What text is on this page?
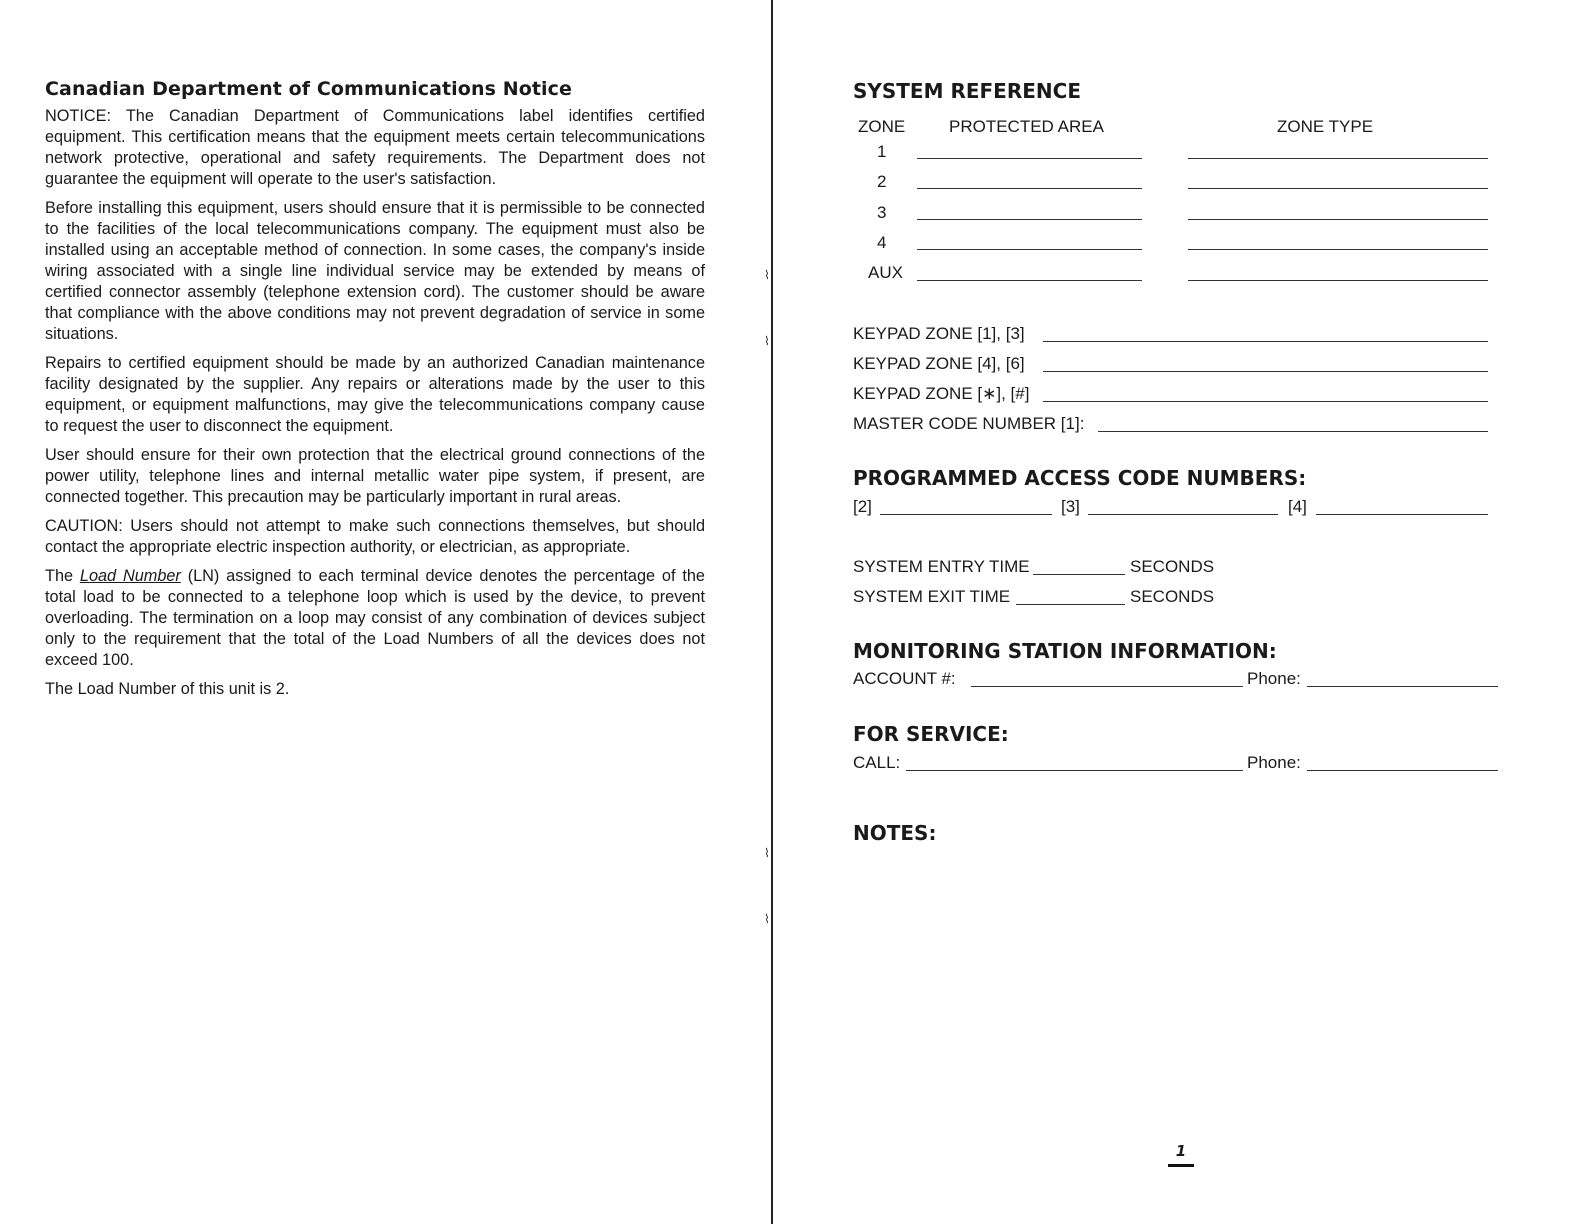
Canadian Department of Communications Notice

NOTICE: The Canadian Department of Communications label identifies certified equipment. This certification means that the equipment meets certain telecommunications network protective, operational and safety requirements. The Department does not guarantee the equipment will operate to the user's satisfaction.

Before installing this equipment, users should ensure that it is permissible to be connected to the facilities of the local telecommunications company. The equipment must also be installed using an acceptable method of connection. In some cases, the company's inside wiring associated with a single line individual service may be extended by means of certified connector assembly (telephone extension cord). The customer should be aware that compliance with the above conditions may not prevent degradation of service in some situations.

Repairs to certified equipment should be made by an authorized Canadian maintenance facility designated by the supplier. Any repairs or alterations made by the user to this equipment, or equipment malfunctions, may give the telecommunications company cause to request the user to disconnect the equipment.

User should ensure for their own protection that the electrical ground connections of the power utility, telephone lines and internal metallic water pipe system, if present, are connected together. This precaution may be particularly important in rural areas.

CAUTION: Users should not attempt to make such connections themselves, but should contact the appropriate electric inspection authority, or electrician, as appropriate.

The Load Number (LN) assigned to each terminal device denotes the percentage of the total load to be connected to a telephone loop which is used by the device, to prevent overloading. The termination on a loop may consist of any combination of devices subject only to the requirement that the total of the Load Numbers of all the devices does not exceed 100.

The Load Number of this unit is 2.

⌇
⌇
⌇
⌇
SYSTEM REFERENCE
ZONE	PROTECTED AREA	ZONE TYPE
1
2
3
4
AUX
KEYPAD ZONE [1], [3]
KEYPAD ZONE [4], [6]
KEYPAD ZONE [∗], [#]
MASTER CODE NUMBER [1]:
PROGRAMMED ACCESS CODE NUMBERS:
[2]	[3]	[4]
SYSTEM ENTRY TIME	SECONDS
SYSTEM EXIT TIME	SECONDS
MONITORING STATION INFORMATION:
ACCOUNT #:	Phone:
FOR SERVICE:
CALL:	Phone:
NOTES:
1
